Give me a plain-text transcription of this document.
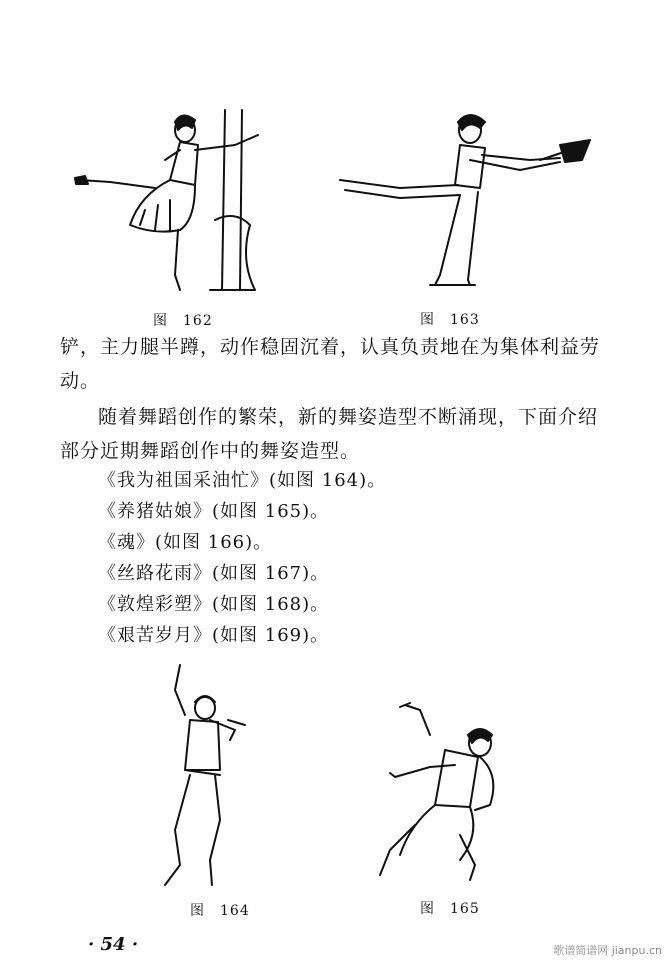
图　162	图　163
铲，主力腿半蹲，动作稳固沉着，认真负责地在为集体利益劳
动。
随着舞蹈创作的繁荣，新的舞姿造型不断涌现，下面介绍
部分近期舞蹈创作中的舞姿造型。
《我为祖国采油忙》(如图 164)。
《养猪姑娘》(如图 165)。
《魂》(如图 166)。
《丝路花雨》(如图 167)。
《敦煌彩塑》(如图 168)。
《艰苦岁月》(如图 169)。
图　164	图　165
· 54 ·	歌谱简谱网 jianpu.cn
